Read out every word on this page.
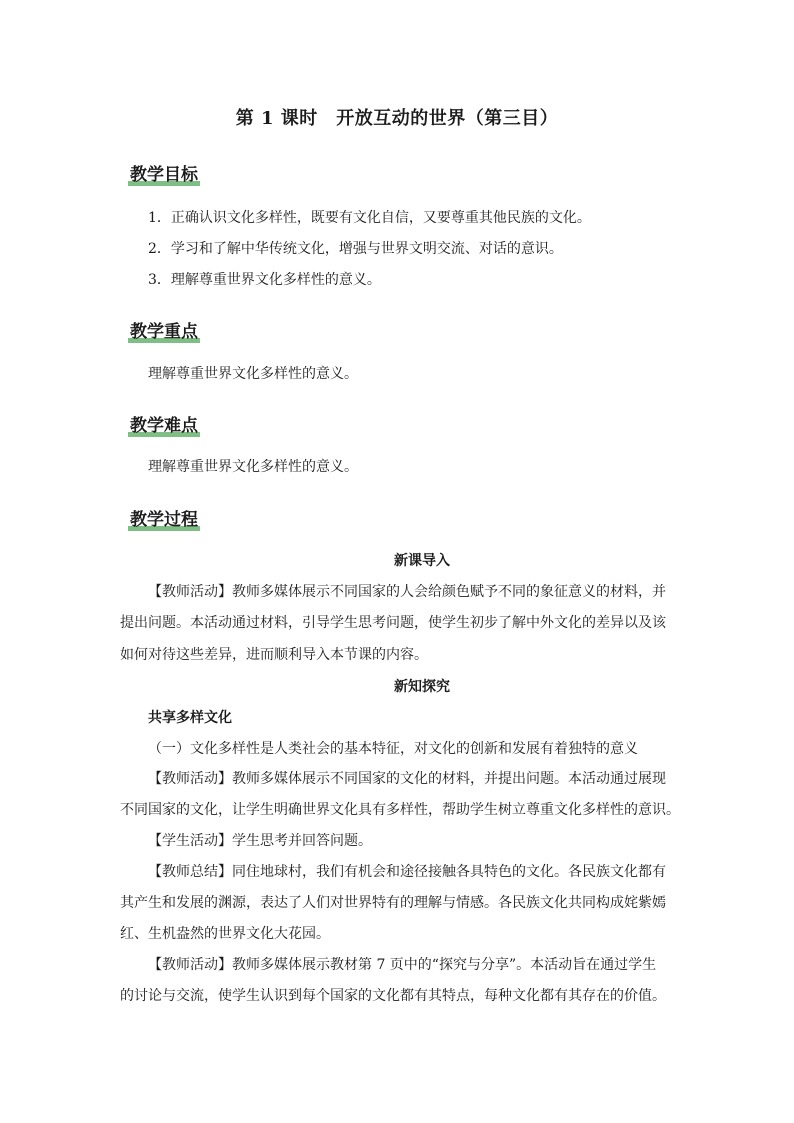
第 1 课时　开放互动的世界（第三目）
教学目标
1．正确认识文化多样性，既要有文化自信，又要尊重其他民族的文化。
2．学习和了解中华传统文化，增强与世界文明交流、对话的意识。
3．理解尊重世界文化多样性的意义。
教学重点
理解尊重世界文化多样性的意义。
教学难点
理解尊重世界文化多样性的意义。
教学过程
新课导入
【教师活动】教师多媒体展示不同国家的人会给颜色赋予不同的象征意义的材料，并
提出问题。本活动通过材料，引导学生思考问题，使学生初步了解中外文化的差异以及该
如何对待这些差异，进而顺利导入本节课的内容。
新知探究
共享多样文化
（一）文化多样性是人类社会的基本特征，对文化的创新和发展有着独特的意义
【教师活动】教师多媒体展示不同国家的文化的材料，并提出问题。本活动通过展现
不同国家的文化，让学生明确世界文化具有多样性，帮助学生树立尊重文化多样性的意识。
【学生活动】学生思考并回答问题。
【教师总结】同住地球村，我们有机会和途径接触各具特色的文化。各民族文化都有
其产生和发展的渊源，表达了人们对世界特有的理解与情感。各民族文化共同构成姹紫嫣
红、生机盎然的世界文化大花园。
【教师活动】教师多媒体展示教材第 7 页中的“探究与分享”。本活动旨在通过学生
的讨论与交流，使学生认识到每个国家的文化都有其特点，每种文化都有其存在的价值。
